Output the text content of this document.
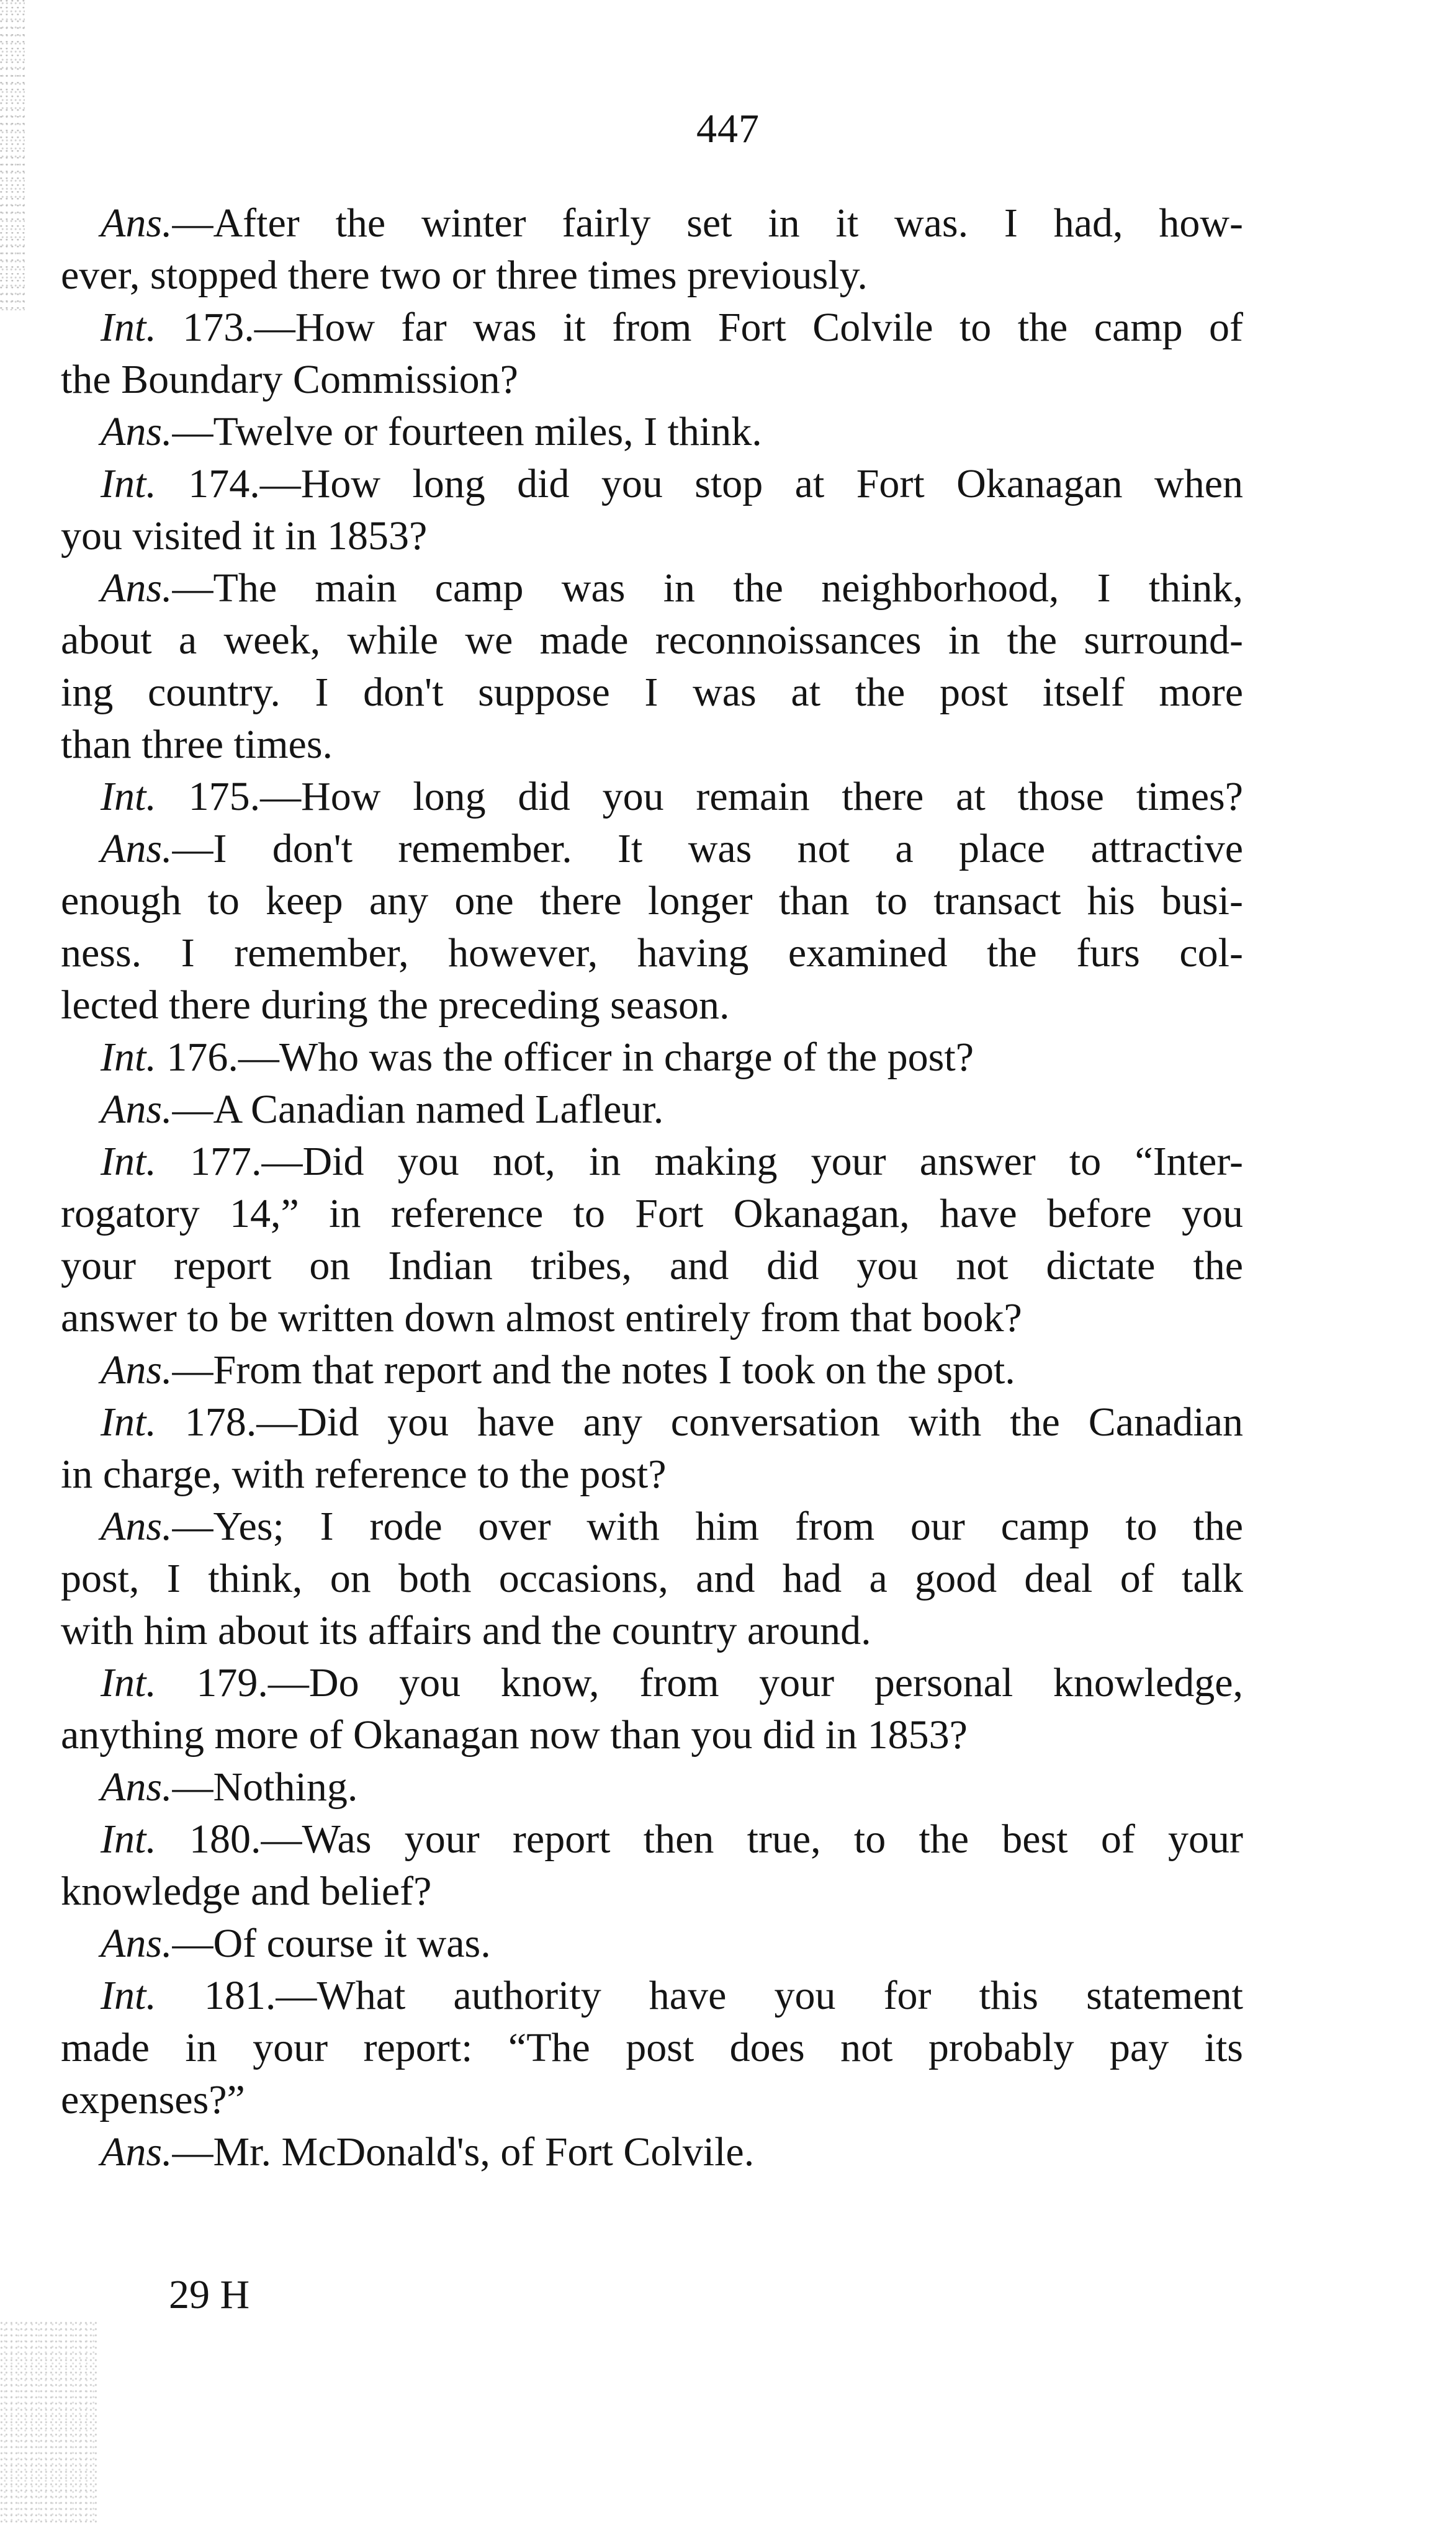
447
Ans.—After the winter fairly set in it was. I had, how-
ever, stopped there two or three times previously.
Int. 173.—How far was it from Fort Colvile to the camp of
the Boundary Commission?
Ans.—Twelve or fourteen miles, I think.
Int. 174.—How long did you stop at Fort Okanagan when
you visited it in 1853?
Ans.—The main camp was in the neighborhood, I think,
about a week, while we made reconnoissances in the surround-
ing country. I don't suppose I was at the post itself more
than three times.
Int. 175.—How long did you remain there at those times?
Ans.—I don't remember. It was not a place attractive
enough to keep any one there longer than to transact his busi-
ness. I remember, however, having examined the furs col-
lected there during the preceding season.
Int. 176.—Who was the officer in charge of the post?
Ans.—A Canadian named Lafleur.
Int. 177.—Did you not, in making your answer to “Inter-
rogatory 14,” in reference to Fort Okanagan, have before you
your report on Indian tribes, and did you not dictate the
answer to be written down almost entirely from that book?
Ans.—From that report and the notes I took on the spot.
Int. 178.—Did you have any conversation with the Canadian
in charge, with reference to the post?
Ans.—Yes; I rode over with him from our camp to the
post, I think, on both occasions, and had a good deal of talk
with him about its affairs and the country around.
Int. 179.—Do you know, from your personal knowledge,
anything more of Okanagan now than you did in 1853?
Ans.—Nothing.
Int. 180.—Was your report then true, to the best of your
knowledge and belief?
Ans.—Of course it was.
Int. 181.—What authority have you for this statement
made in your report: “The post does not probably pay its
expenses?”
Ans.—Mr. McDonald's, of Fort Colvile.
29 H
